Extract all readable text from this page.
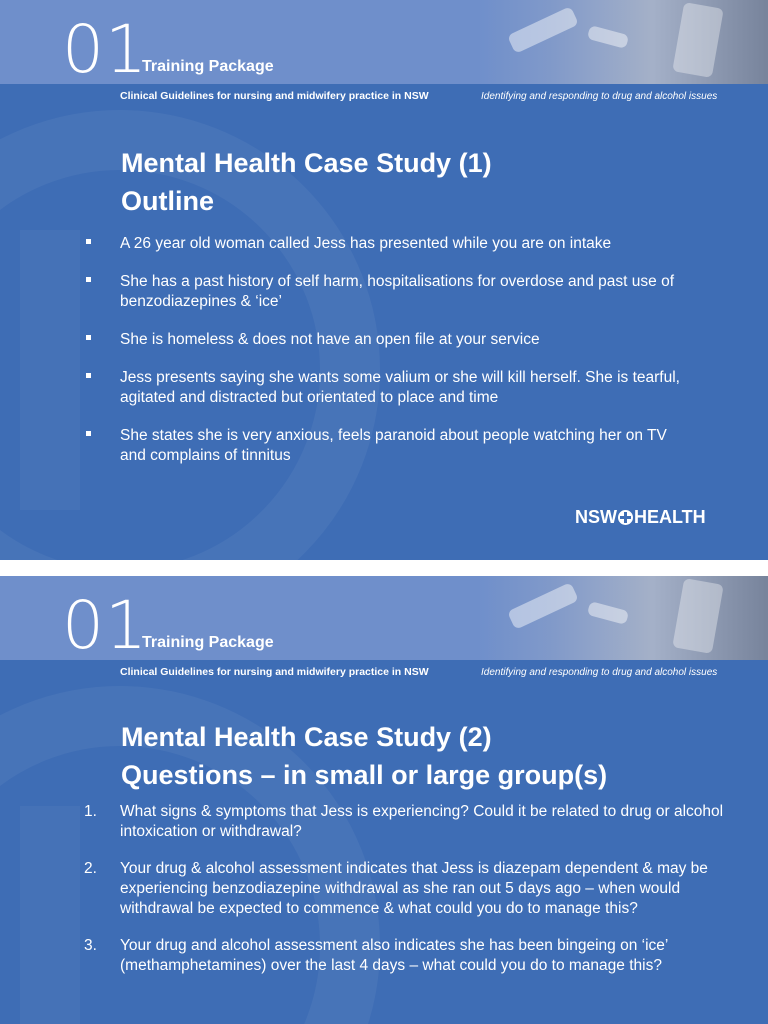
01
Training Package
Clinical Guidelines for nursing and midwifery practice in NSW	Identifying and responding to drug and alcohol issues
Mental Health Case Study (1)
Outline
A 26 year old woman called Jess has presented while you are on intake
She has a past history of self harm, hospitalisations for overdose and past use of benzodiazepines & ‘ice’
She is homeless & does not have an open file at your service
Jess presents saying she wants some valium or she will kill herself. She is tearful, agitated and distracted but orientated to place and time
She states she is very anxious, feels paranoid about people watching her on TV and complains of tinnitus
NSW HEALTH
01
Training Package
Clinical Guidelines for nursing and midwifery practice in NSW	Identifying and responding to drug and alcohol issues
Mental Health Case Study (2)
Questions – in small or large group(s)
1. What signs & symptoms that Jess is experiencing? Could it be related to drug or alcohol intoxication or withdrawal?
2. Your drug & alcohol assessment indicates that Jess is diazepam dependent & may be experiencing benzodiazepine withdrawal as she ran out 5 days ago – when would withdrawal be expected to commence & what could you do to manage this?
3. Your drug and alcohol assessment also indicates she has been bingeing on ‘ice’ (methamphetamines) over the last 4 days – what could you do to manage this?
